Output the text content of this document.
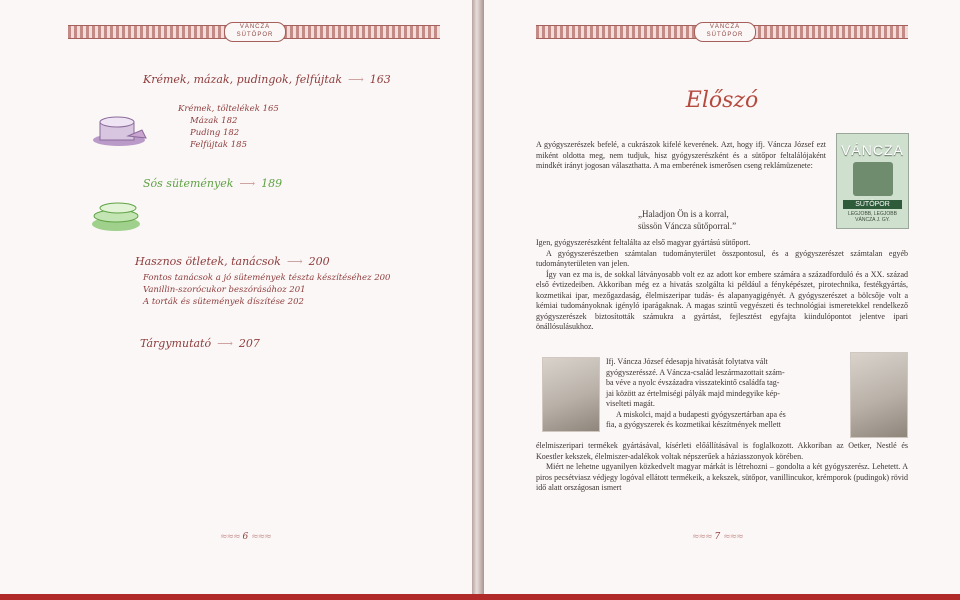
VÁNCZA
SÜTŐPOR
Krémek, mázak, pudingok, felfújtak ⟶ 163
Krémek, töltelékek 165
Mázak 182
Puding 182
Felfújtak 185
Sós sütemények ⟶ 189
Hasznos ötletek, tanácsok ⟶ 200
Fontos tanácsok a jó sütemények tészta készítéséhez 200
Vanillin-szorócukor beszórásához 201
A torták és sütemények díszítése 202
Tárgymutató ⟶ 207
≈≈≈ 6 ≈≈≈
VÁNCZA
SÜTŐPOR
Előszó

A gyógyszerészek befelé, a cukrászok kifelé keverének. Azt, hogy ifj. Váncza József ezt miként oldotta meg, nem tudjuk, hisz gyógyszerészként és a sütőpor feltalálójaként mindkét irányt jogosan választhatta. A ma emberének ismerősen cseng reklámüzenete:

VÁNCZA
SÜTŐPOR
LEGJOBB, LEGJOBB
VÁNCZA J. GY.
„Haladjon Ön is a korral,
süssön Váncza sütőporral.”

Igen, gyógyszerészként feltalálta az első magyar gyártású sütőport.

A gyógyszerészetben számtalan tudományterület összpontosul, és a gyógyszerészet számtalan egyéb tudományterületen van jelen.

Így van ez ma is, de sokkal látványosabb volt ez az adott kor embere számára a századforduló és a XX. század első évtizedeiben. Akkoriban még ez a hivatás szolgálta ki például a fényképészet, pirotechnika, festékgyártás, kozmetikai ipar, mezőgazdaság, élelmiszeripar tudás- és alapanyagigényét. A gyógyszerészet a bölcsője volt a kémiai tudományoknak igényló iparágaknak. A magas szintű vegyészeti és technológiai ismeretekkel rendelkező gyógyszerészek biztosították számukra a gyártást, fejlesztést egyfajta kiindulópontot jelentve ipari önállósulásukhoz.

Ifj. Váncza József édesapja hivatását folytatva vált
gyógyszerésszé. A Váncza-család leszármazottait szám-
ba véve a nyolc évszázadra visszatekintő családfa tag-
jai között az értelmiségi pályák majd mindegyike kép-
viselteti magát.
A miskolci, majd a budapesti gyógyszertárban apa és
fia, a gyógyszerek és kozmetikai készítmények mellett

élelmiszeripari termékek gyártásával, kísérleti előállításával is foglalkozott. Akkoriban az Oetker, Nestlé és Koestler kekszek, élelmiszer-adalékok voltak népszerűek a háziasszonyok körében.

Miért ne lehetne ugyanilyen közkedvelt magyar márkát is létrehozni – gondolta a két gyógyszerész. Lehetett. A piros pecsétviasz védjegy logóval ellátott termékeik, a kekszek, sütőpor, vanillincukor, krémporok (pudingok) rövid idő alatt országosan ismert

≈≈≈ 7 ≈≈≈
